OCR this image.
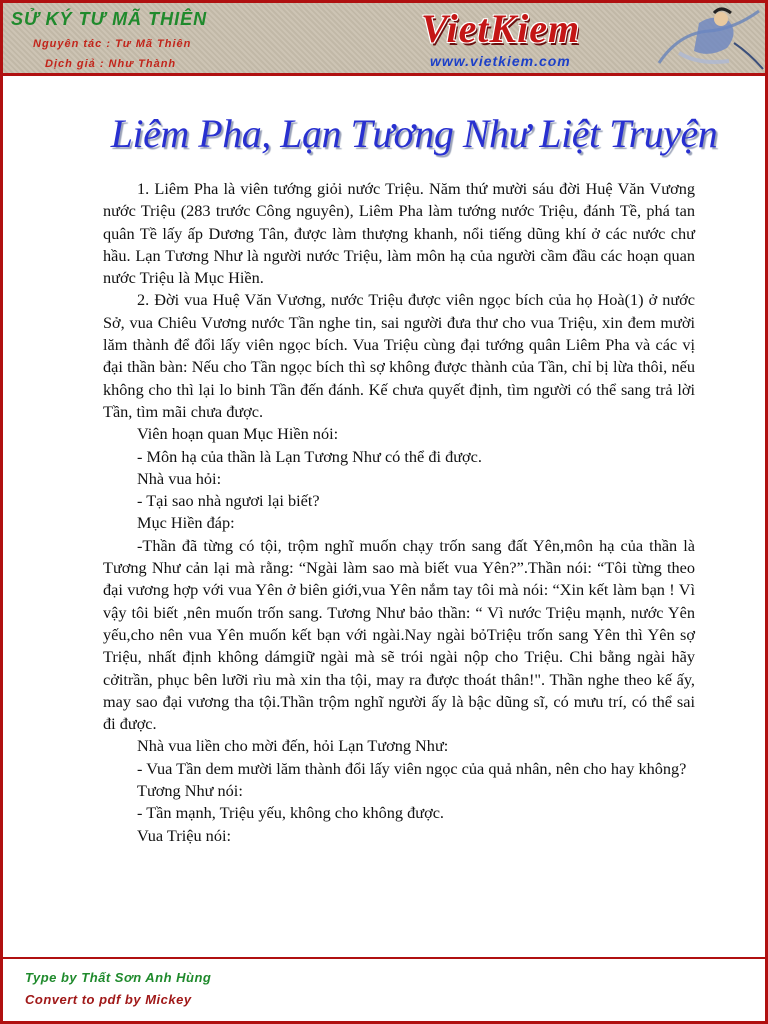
SỬ KÝ TƯ MÃ THIÊN
Nguyên tác : Tư Mã Thiên
Dịch giả : Như Thành
VietKiem
www.vietkiem.com
Liêm Pha, Lạn Tương Như Liệt Truyện

1. Liêm Pha là viên tướng giỏi nước Triệu. Năm thứ mười sáu đời Huệ Văn Vương nước Triệu (283 trước Công nguyên), Liêm Pha làm tướng nước Triệu, đánh Tề, phá tan quân Tề lấy ấp Dương Tân, được làm thượng khanh, nổi tiếng dũng khí ở các nước chư hầu. Lạn Tương Như là người nước Triệu, làm môn hạ của người cầm đầu các hoạn quan nước Triệu là Mục Hiền.

2. Đời vua Huệ Văn Vương, nước Triệu được viên ngọc bích của họ Hoà(1) ở nước Sở, vua Chiêu Vương nước Tần nghe tin, sai người đưa thư cho vua Triệu, xin đem mười lăm thành để đổi lấy viên ngọc bích. Vua Triệu cùng đại tướng quân Liêm Pha và các vị đại thần bàn: Nếu cho Tần ngọc bích thì sợ không được thành của Tần, chỉ bị lừa thôi, nếu không cho thì lại lo binh Tần đến đánh. Kế chưa quyết định, tìm người có thể sang trả lời Tần, tìm mãi chưa được.

Viên hoạn quan Mục Hiền nói:

- Môn hạ của thần là Lạn Tương Như có thể đi được.

Nhà vua hỏi:

- Tại sao nhà ngươi lại biết?

Mục Hiền đáp:

-Thần đã từng có tội, trộm nghĩ muốn chạy trốn sang đất Yên,môn hạ của thần là Tương Như cản lại mà rằng: “Ngài làm sao mà biết vua Yên?”.Thần nói: “Tôi từng theo đại vương hợp với vua Yên ở biên giới,vua Yên nắm tay tôi mà nói: “Xin kết làm bạn ! Vì vậy tôi biết ,nên muốn trốn sang. Tương Như bảo thần: “ Vì nước Triệu mạnh, nước Yên yếu,cho nên vua Yên muốn kết bạn với ngài.Nay ngài bỏTriệu trốn sang Yên thì Yên sợ Triệu, nhất định không dámgiữ ngài mà sẽ trói ngài nộp cho Triệu. Chi bằng ngài hãy cởitrần, phục bên lưỡi rìu mà xin tha tội, may ra được thoát thân!". Thần nghe theo kế ấy, may sao đại vương tha tội.Thần trộm nghĩ người ấy là bậc dũng sĩ, có mưu trí, có thể sai đi được.

Nhà vua liền cho mời đến, hỏi Lạn Tương Như:

- Vua Tần dem mười lăm thành đổi lấy viên ngọc của quả nhân, nên cho hay không?

Tương Như nói:

- Tần mạnh, Triệu yếu, không cho không được.

Vua Triệu nói:

Type by Thất Sơn Anh Hùng
Convert to pdf by Mickey
